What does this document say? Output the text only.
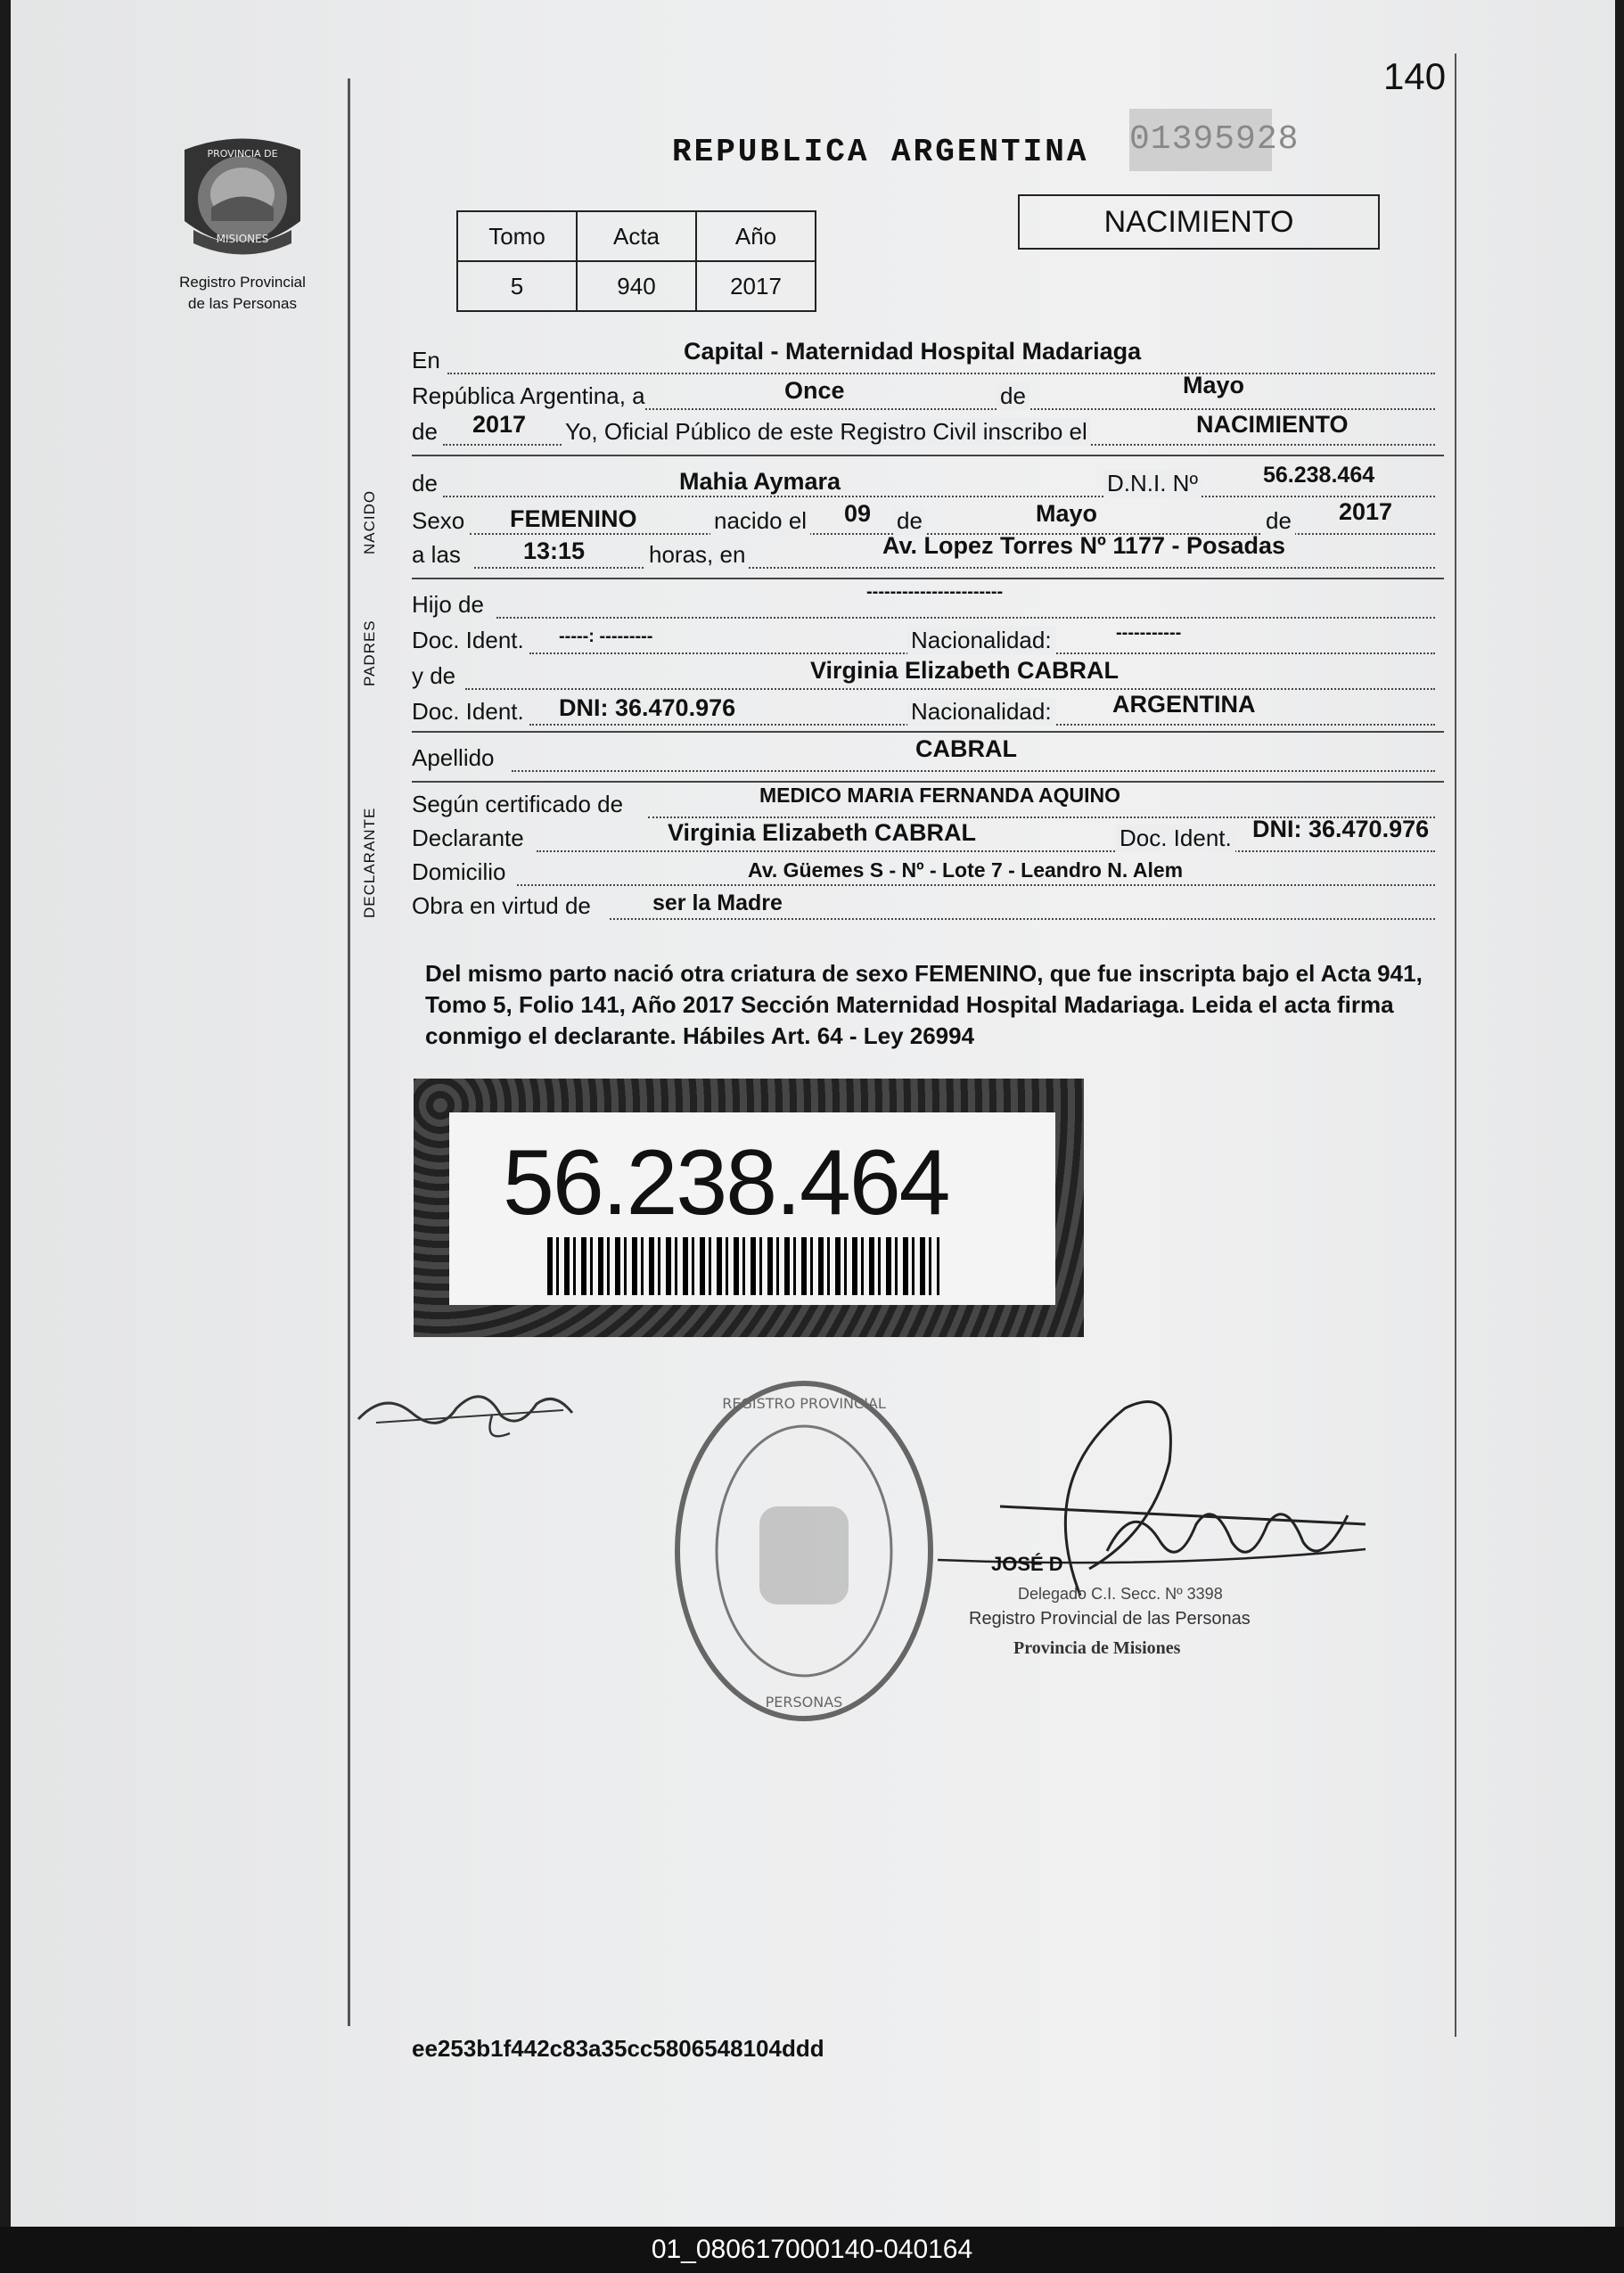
140
REPUBLICA ARGENTINA 01395928
PROVINCIA DE
MISIONES
Registro Provincial
de las Personas
Tomo	Acta	Año
5	940	2017
NACIMIENTO
En	Capital - Maternidad Hospital Madariaga
República Argentina, a	Once	de	Mayo
de 2017 Yo, Oficial Público de este Registro Civil inscribo el	NACIMIENTO
NACIDO
de	Mahia Aymara	D.N.I. Nº	56.238.464
Sexo FEMENINO	nacido el 09 de	Mayo	de 2017
a las	13:15	horas, en	Av. Lopez Torres Nº 1177 - Posadas
PADRES
Hijo de	-----------------------
Doc. Ident. -----: ---------	Nacionalidad:	-----------
y de	Virginia Elizabeth CABRAL
Doc. Ident. DNI: 36.470.976	Nacionalidad:	ARGENTINA
Apellido	CABRAL
DECLARANTE
Según certificado de	MEDICO MARIA FERNANDA AQUINO
Declarante	Virginia Elizabeth CABRAL	Doc. Ident. DNI: 36.470.976
Domicilio	Av. Güemes S - Nº - Lote 7 - Leandro N. Alem
Obra en virtud de	ser la Madre
Del mismo parto nació otra criatura de sexo FEMENINO, que fue inscripta bajo el Acta 941, Tomo 5, Folio 141, Año 2017 Sección Maternidad Hospital Madariaga. Leida el acta firma conmigo el declarante. Hábiles Art. 64 - Ley 26994
56.238.464
REGISTRO PROVINCIAL
PERSONAS
JOSÉ D
Delegado C.I. Secc. Nº 3398
Registro Provincial de las Personas
Provincia de Misiones
ee253b1f442c83a35cc5806548104ddd
01_080617000140-040164
